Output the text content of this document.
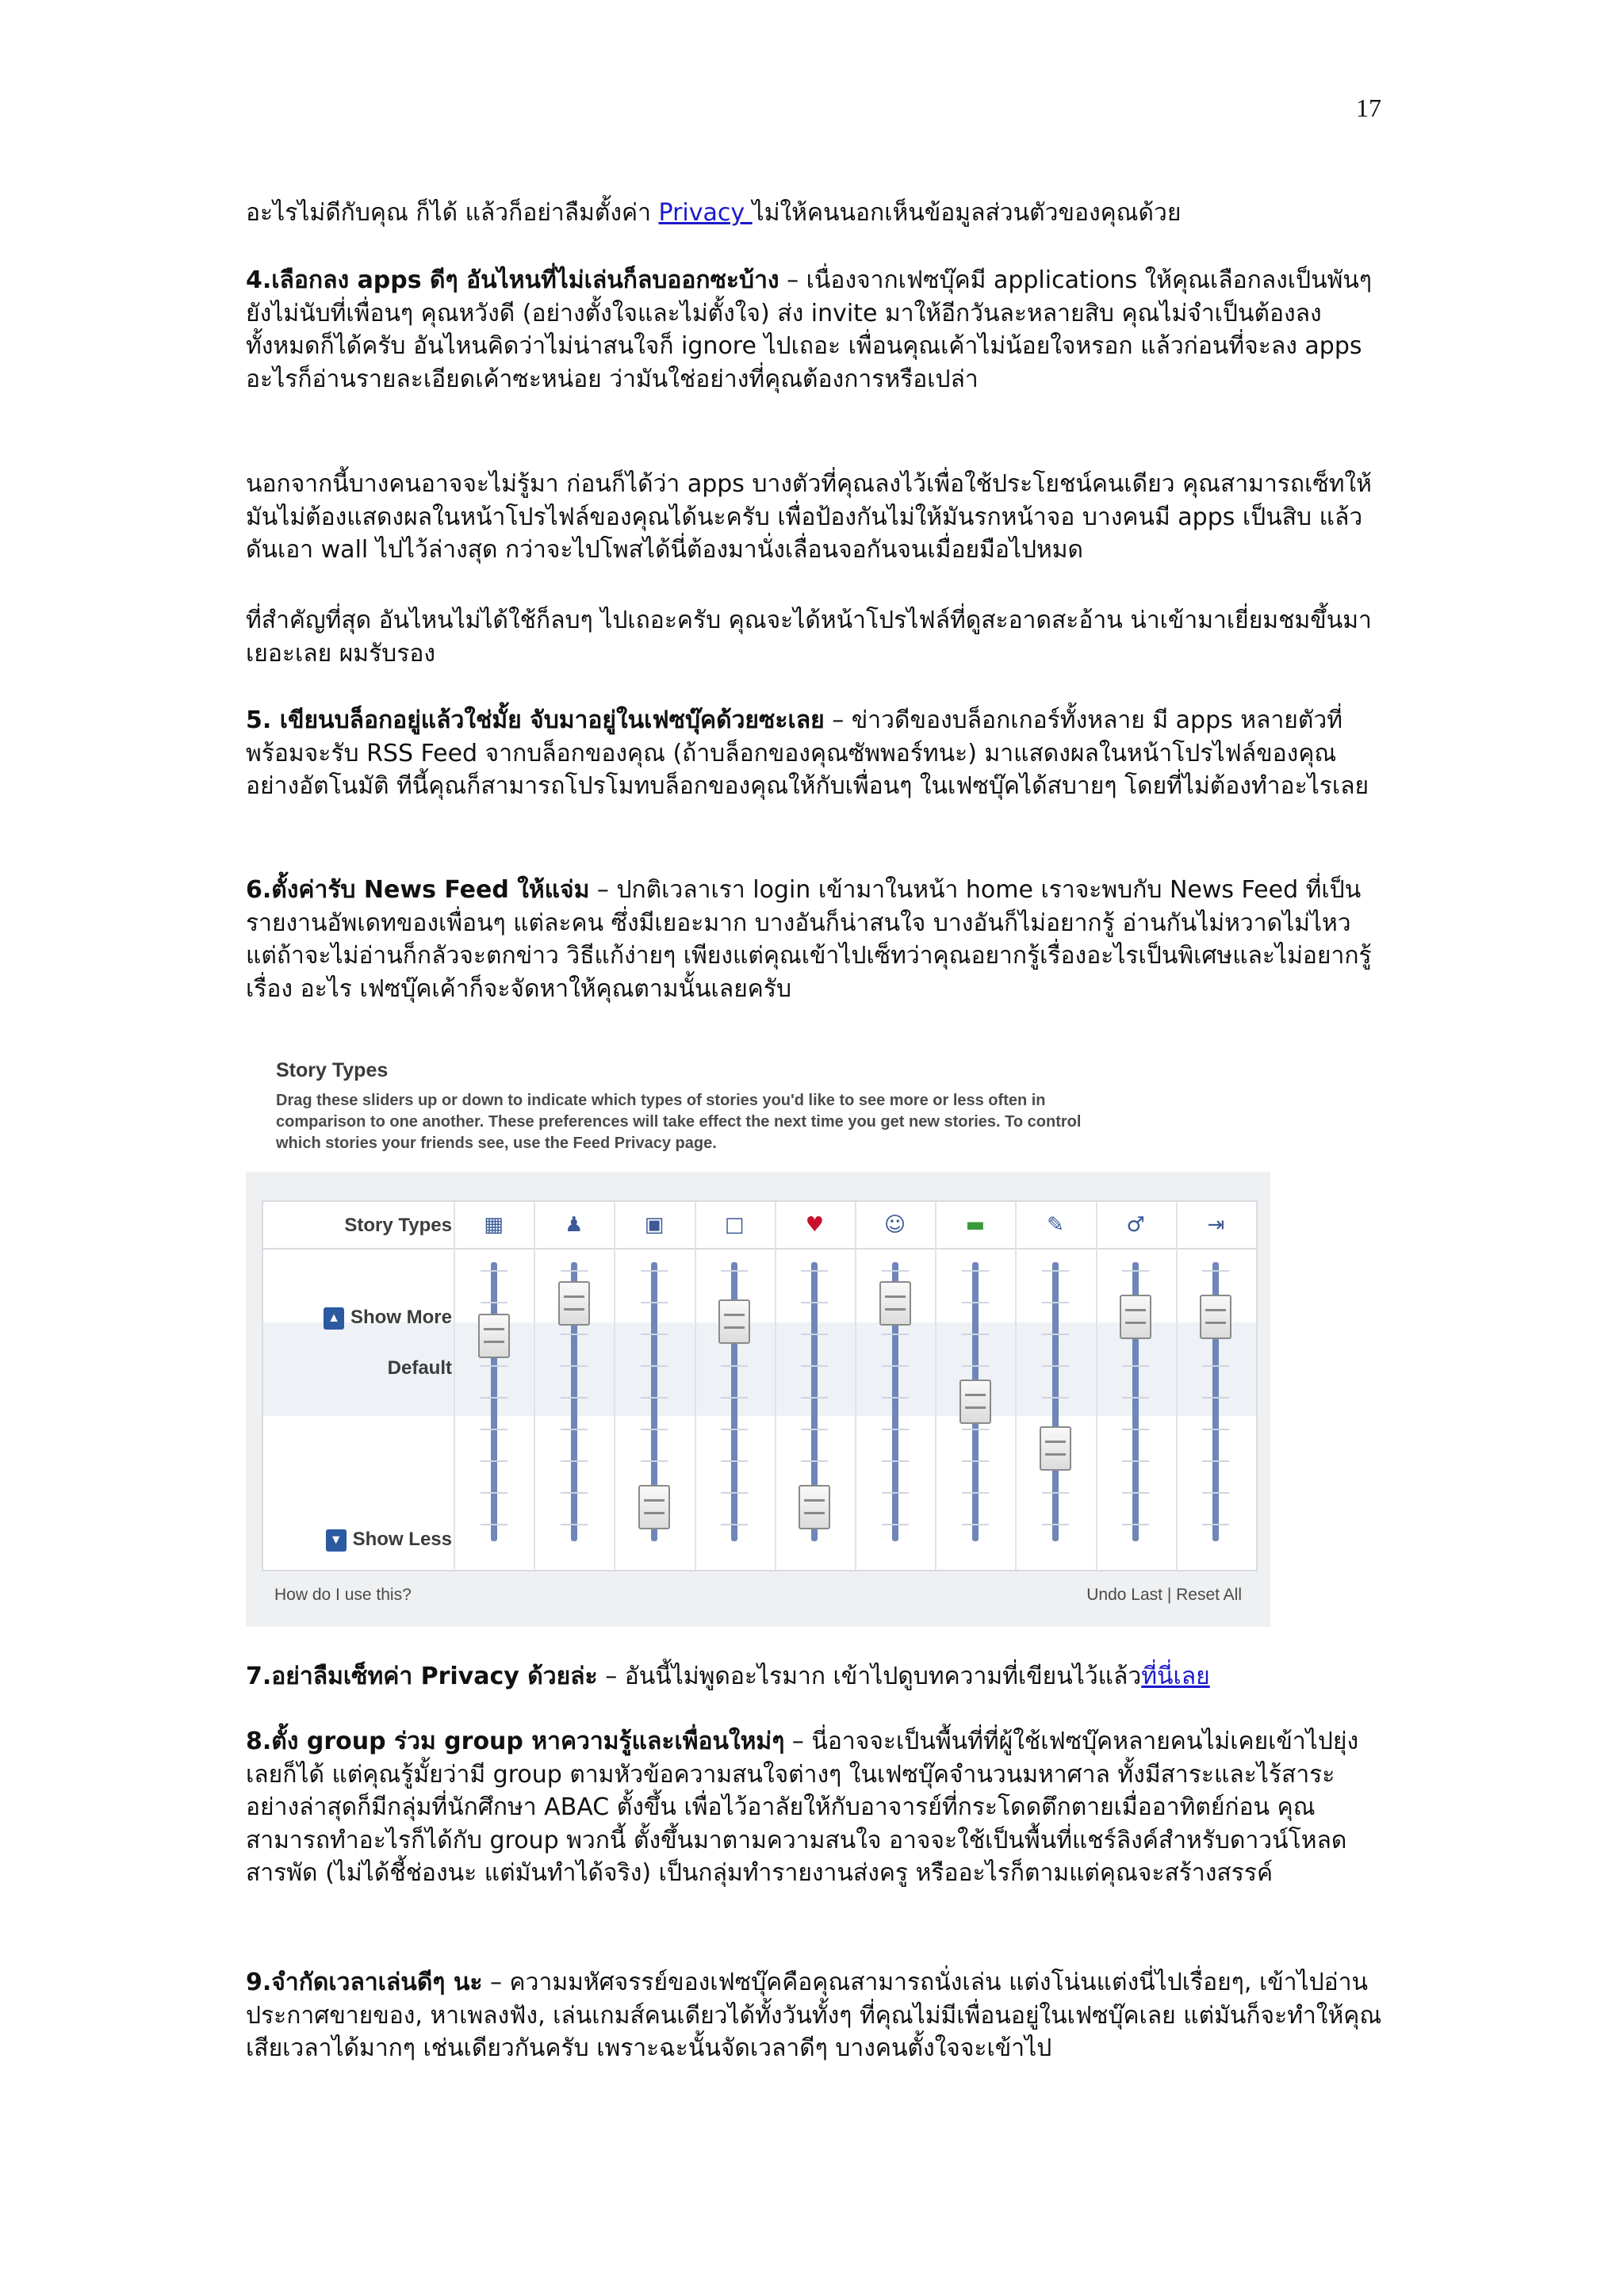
17

อะไรไม่ดีกับคุณ ก็ได้ แล้วก็อย่าลืมตั้งค่า Privacy ไม่ให้คนนอกเห็นข้อมูลส่วนตัวของคุณด้วย

4.เลือกลง apps ดีๆ อันไหนที่ไม่เล่นก็ลบออกซะบ้าง – เนื่องจากเฟซบุ๊คมี applications ให้คุณเลือกลงเป็นพันๆ ยังไม่นับที่เพื่อนๆ คุณหวังดี (อย่างตั้งใจและไม่ตั้งใจ) ส่ง invite มาให้อีกวันละหลายสิบ คุณไม่จำเป็นต้องลงทั้งหมดก็ได้ครับ อันไหนคิดว่าไม่น่าสนใจก็ ignore ไปเถอะ เพื่อนคุณเค้าไม่น้อยใจหรอก แล้วก่อนที่จะลง apps อะไรก็อ่านรายละเอียดเค้าซะหน่อย ว่ามันใช่อย่างที่คุณต้องการหรือเปล่า

นอกจากนี้บางคนอาจจะไม่รู้มา ก่อนก็ได้ว่า apps บางตัวที่คุณลงไว้เพื่อใช้ประโยชน์คนเดียว คุณสามารถเซ็ทให้มันไม่ต้องแสดงผลในหน้าโปรไฟล์ของคุณได้นะครับ เพื่อป้องกันไม่ให้มันรกหน้าจอ บางคนมี apps เป็นสิบ แล้วดันเอา wall ไปไว้ล่างสุด กว่าจะไปโพสได้นี่ต้องมานั่งเลื่อนจอกันจนเมื่อยมือไปหมด

ที่สำคัญที่สุด อันไหนไม่ได้ใช้ก็ลบๆ ไปเถอะครับ คุณจะได้หน้าโปรไฟล์ที่ดูสะอาดสะอ้าน น่าเข้ามาเยี่ยมชมขึ้นมาเยอะเลย ผมรับรอง

5. เขียนบล็อกอยู่แล้วใช่มั้ย จับมาอยู่ในเฟซบุ๊คด้วยซะเลย – ข่าวดีของบล็อกเกอร์ทั้งหลาย มี apps หลายตัวที่พร้อมจะรับ RSS Feed จากบล็อกของคุณ (ถ้าบล็อกของคุณซัพพอร์ทนะ) มาแสดงผลในหน้าโปรไฟล์ของคุณอย่างอัตโนมัติ ทีนี้คุณก็สามารถโปรโมทบล็อกของคุณให้กับเพื่อนๆ ในเฟซบุ๊คได้สบายๆ โดยที่ไม่ต้องทำอะไรเลย

6.ตั้งค่ารับ News Feed ให้แจ่ม – ปกติเวลาเรา login เข้ามาในหน้า home เราจะพบกับ News Feed ที่เป็นรายงานอัพเดทของเพื่อนๆ แต่ละคน ซึ่งมีเยอะมาก บางอันก็น่าสนใจ บางอันก็ไม่อยากรู้ อ่านกันไม่หวาดไม่ไหว แต่ถ้าจะไม่อ่านก็กลัวจะตกข่าว วิธีแก้ง่ายๆ เพียงแต่คุณเข้าไปเซ็ทว่าคุณอยากรู้เรื่องอะไรเป็นพิเศษและไม่อยากรู้เรื่อง อะไร เฟซบุ๊คเค้าก็จะจัดหาให้คุณตามนั้นเลยครับ

Story Types

Drag these sliders up or down to indicate which types of stories you'd like to see more or less often in
comparison to one another. These preferences will take effect the next time you get new stories. To control
which stories your friends see, use the Feed Privacy page.

Story Types
▲ Show More
Default
▼ Show Less
▦	♟	▣	□	♥	☺	▬	✎	♂	⇥
How do I use this?	Undo Last | Reset All

7.อย่าลืมเซ็ทค่า Privacy ด้วยล่ะ – อันนี้ไม่พูดอะไรมาก เข้าไปดูบทความที่เขียนไว้แล้วที่นี่เลย

8.ตั้ง group ร่วม group หาความรู้และเพื่อนใหม่ๆ – นี่อาจจะเป็นพื้นที่ที่ผู้ใช้เฟซบุ๊คหลายคนไม่เคยเข้าไปยุ่งเลยก็ได้ แต่คุณรู้มั้ยว่ามี group ตามหัวข้อความสนใจต่างๆ ในเฟซบุ๊คจำนวนมหาศาล ทั้งมีสาระและไร้สาระ อย่างล่าสุดก็มีกลุ่มที่นักศึกษา ABAC ตั้งขึ้น เพื่อไว้อาลัยให้กับอาจารย์ที่กระโดดตึกตายเมื่ออาทิตย์ก่อน คุณสามารถทำอะไรก็ได้กับ group พวกนี้ ตั้งขึ้นมาตามความสนใจ อาจจะใช้เป็นพื้นที่แชร์ลิงค์สำหรับดาวน์โหลดสารพัด (ไม่ได้ชี้ช่องนะ แต่มันทำได้จริง) เป็นกลุ่มทำรายงานส่งครู หรืออะไรก็ตามแต่คุณจะสร้างสรรค์

9.จำกัดเวลาเล่นดีๆ นะ – ความมหัศจรรย์ของเฟซบุ๊คคือคุณสามารถนั่งเล่น แต่งโน่นแต่งนี่ไปเรื่อยๆ, เข้าไปอ่านประกาศขายของ, หาเพลงฟัง, เล่นเกมส์คนเดียวได้ทั้งวันทั้งๆ ที่คุณไม่มีเพื่อนอยู่ในเฟซบุ๊คเลย แต่มันก็จะทำให้คุณเสียเวลาได้มากๆ เช่นเดียวกันครับ เพราะฉะนั้นจัดเวลาดีๆ บางคนตั้งใจจะเข้าไป
